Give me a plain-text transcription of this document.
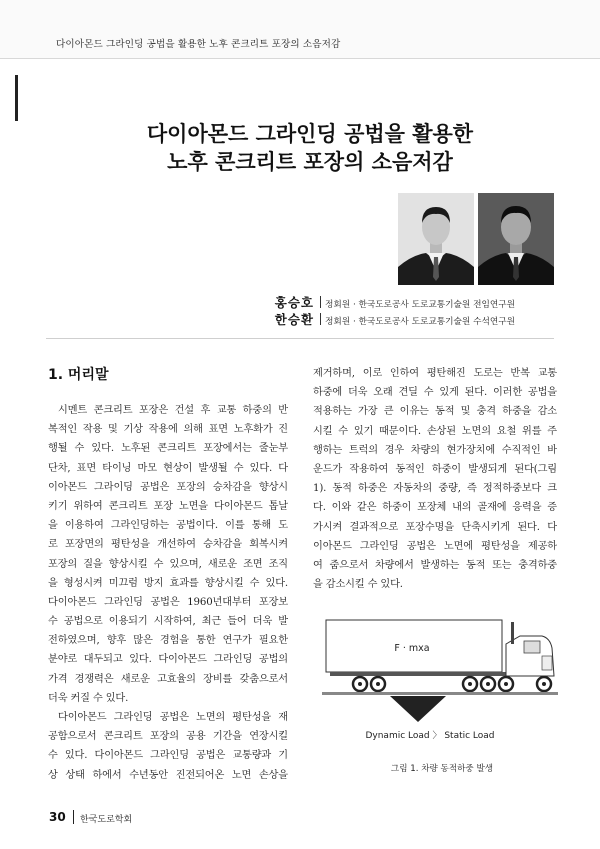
다이아몬드 그라인딩 공법을 활용한 노후 콘크리트 포장의 소음저감
다이아몬드 그라인딩 공법을 활용한
노후 콘크리트 포장의 소음저감
홍승호 정회원 · 한국도로공사 도로교통기술원 전임연구원
한승환 정회원 · 한국도로공사 도로교통기술원 수석연구원
1. 머리말
시멘트 콘크리트 포장은 건설 후 교통 하중의 반
복적인 작용 및 기상 작용에 의해 표면 노후화가 진
행될 수 있다. 노후된 콘크리트 포장에서는 줄눈부
단차, 표면 타이닝 마모 현상이 발생될 수 있다. 다
이아몬드 그라이딩 공법은 포장의 승차감을 향상시
키기 위하여 콘크리트 포장 노면을 다이아몬드 톱날
을 이용하여 그라인딩하는 공법이다. 이를 통해 도
로 포장면의 평탄성을 개선하여 승차감을 회복시켜
포장의 질을 향상시킬 수 있으며, 새로운 조면 조직
을 형성시켜 미끄럼 방지 효과를 향상시킬 수 있다.
다이아몬드 그라인딩 공법은 1960년대부터 포장보
수 공법으로 이용되기 시작하여, 최근 들어 더욱 발
전하였으며, 향후 많은 경험을 통한 연구가 필요한
분야로 대두되고 있다. 다이아몬드 그라인딩 공법의
가격 경쟁력은 새로운 고효율의 장비를 갖춤으로서
더욱 커질 수 있다.
다이아몬드 그라인딩 공법은 노면의 평탄성을 재
공함으로서 콘크리트 포장의 공용 기간을 연장시킬
수 있다. 다이아몬드 그라인딩 공법은 교통량과 기
상 상태 하에서 수년동안 진전되어온 노면 손상을
제거하며, 이로 인하여 평탄해진 도로는 반복 교통
하중에 더욱 오래 견딜 수 있게 된다. 이러한 공법을
적용하는 가장 큰 이유는 동적 및 충격 하중을 감소
시킬 수 있기 때문이다. 손상된 노면의 요철 위를 주
행하는 트럭의 경우 차량의 현가장치에 수직적인 바
운드가 작용하여 동적인 하중이 발생되게 된다(그림
1). 동적 하중은 자동차의 중량, 즉 정적하중보다 크
다. 이와 같은 하중이 포장체 내의 골재에 응력을 증
가시켜 결과적으로 포장수명을 단축시키게 된다. 다
이아몬드 그라인딩 공법은 노면에 평탄성을 제공하
여 줌으로서 차량에서 발생하는 동적 또는 충격하중
을 감소시킬 수 있다.
F · mxa
Dynamic Load 〉 Static Load
그림 1. 차량 동적하중 발생
30 한국도로학회
